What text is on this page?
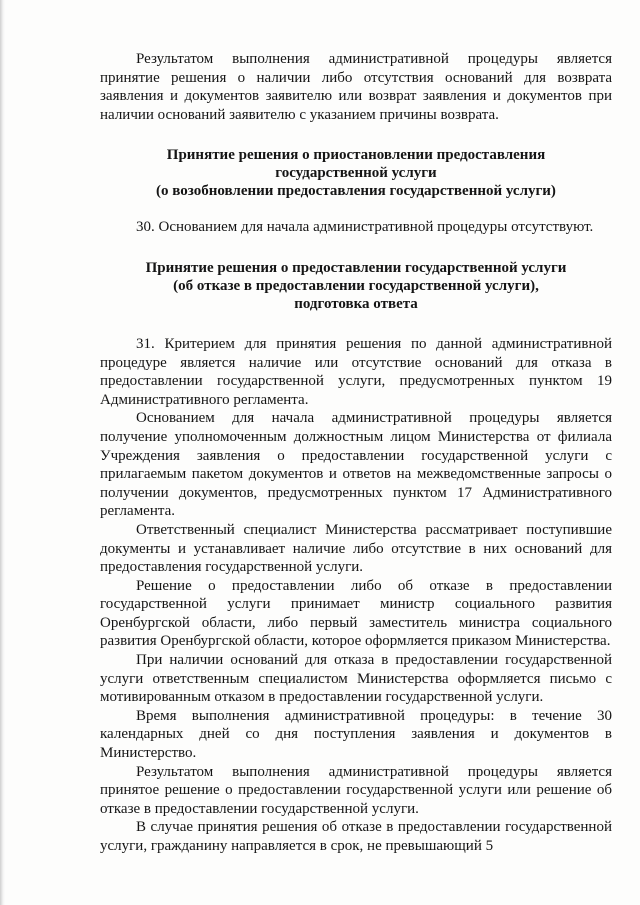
Результатом выполнения административной процедуры является принятие решения о наличии либо отсутствия оснований для возврата заявления и документов заявителю или возврат заявления и документов при наличии оснований заявителю с указанием причины возврата.

Принятие решения о приостановлении предоставления

государственной услуги

(о возобновлении предоставления государственной услуги)

30. Основанием для начала административной процедуры отсутствуют.

Принятие решения о предоставлении государственной услуги

(об отказе в предоставлении государственной услуги),

подготовка ответа

31. Критерием для принятия решения по данной административной процедуре является наличие или отсутствие оснований для отказа в предоставлении государственной услуги, предусмотренных пунктом 19 Административного регламента.

Основанием для начала административной процедуры является получение уполномоченным должностным лицом Министерства от филиала Учреждения заявления о предоставлении государственной услуги с прилагаемым пакетом документов и ответов на межведомственные запросы о получении документов, предусмотренных пунктом 17 Административного регламента.

Ответственный специалист Министерства рассматривает поступившие документы и устанавливает наличие либо отсутствие в них оснований для предоставления государственной услуги.

Решение о предоставлении либо об отказе в предоставлении государственной услуги принимает министр социального развития Оренбургской области, либо первый заместитель министра социального развития Оренбургской области, которое оформляется приказом Министерства.

При наличии оснований для отказа в предоставлении государственной услуги ответственным специалистом Министерства оформляется письмо с мотивированным отказом в предоставлении государственной услуги.

Время выполнения административной процедуры: в течение 30 календарных дней со дня поступления заявления и документов в Министерство.

Результатом выполнения административной процедуры является принятое решение о предоставлении государственной услуги или решение об отказе в предоставлении государственной услуги.

В случае принятия решения об отказе в предоставлении государственной услуги, гражданину направляется в срок, не превышающий 5
